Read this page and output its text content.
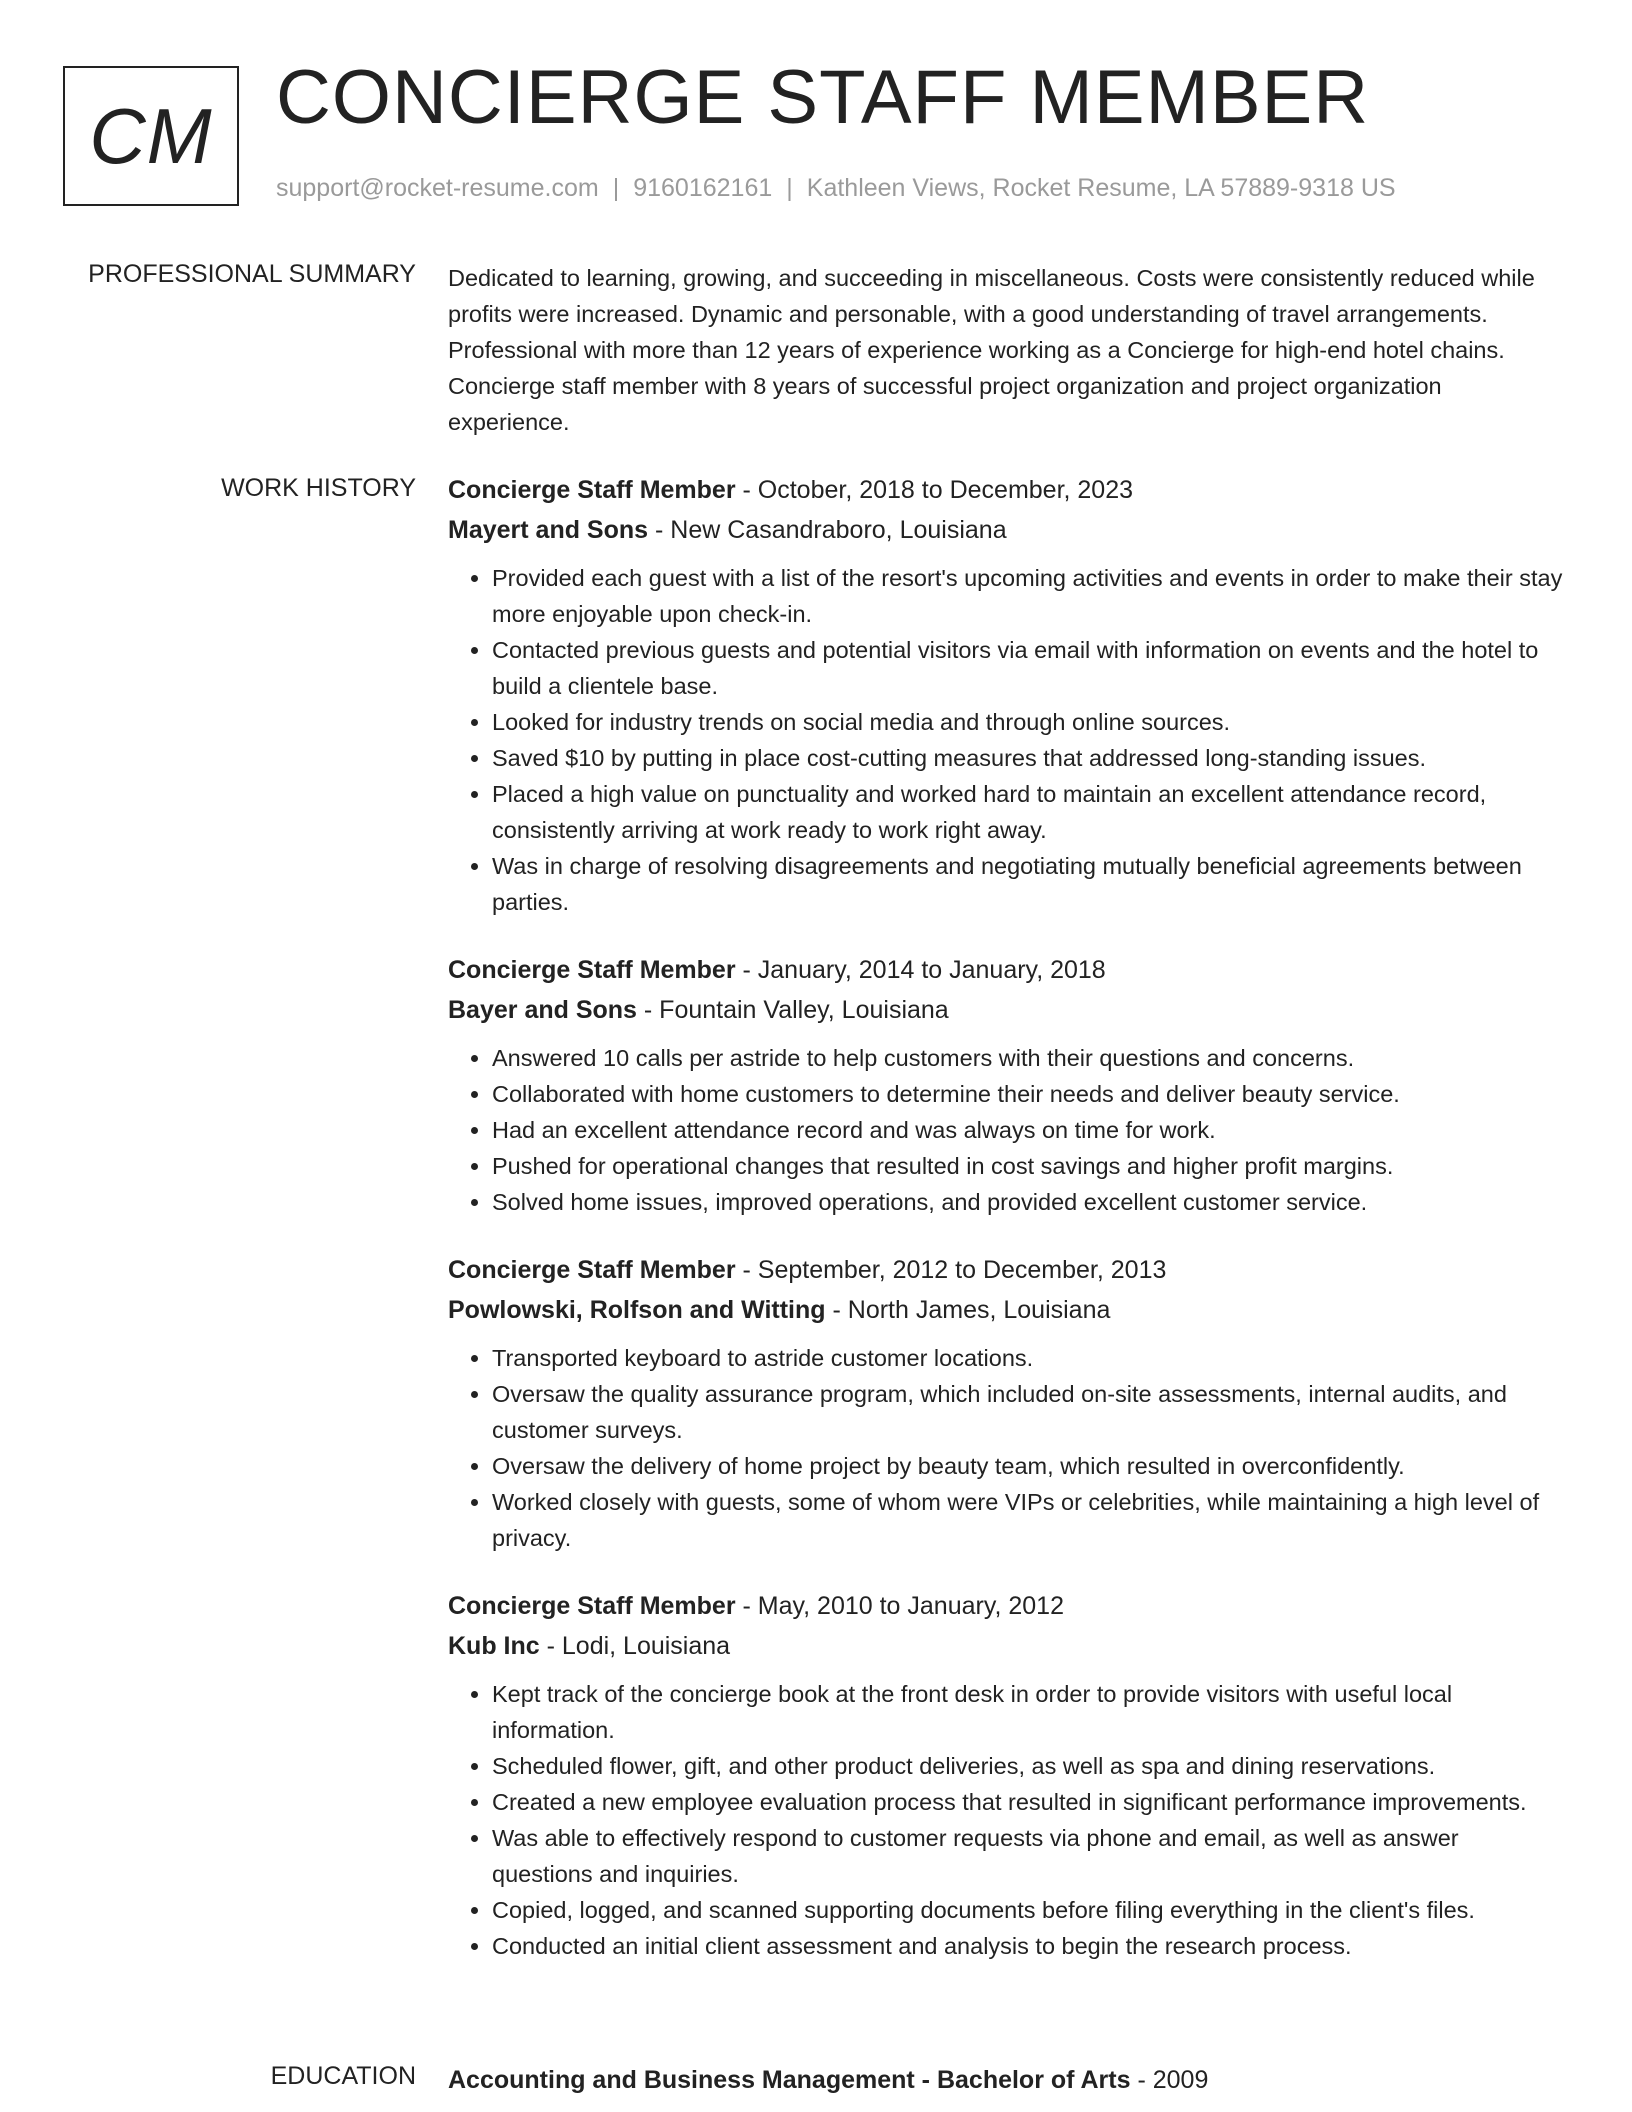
CM CONCIERGE STAFF MEMBER
support@rocket-resume.com | 9160162161 | Kathleen Views, Rocket Resume, LA 57889-9318 US
PROFESSIONAL SUMMARY Dedicated to learning, growing, and succeeding in miscellaneous. Costs were consistently reduced while profits were increased. Dynamic and personable, with a good understanding of travel arrangements. Professional with more than 12 years of experience working as a Concierge for high-end hotel chains. Concierge staff member with 8 years of successful project organization and project organization experience.

WORK HISTORY Concierge Staff Member - October, 2018 to December, 2023
Mayert and Sons - New Casandraboro, Louisiana
• Provided each guest with a list of the resort's upcoming activities and events in order to make their stay more enjoyable upon check-in.
• Contacted previous guests and potential visitors via email with information on events and the hotel to build a clientele base.
• Looked for industry trends on social media and through online sources.
• Saved $10 by putting in place cost-cutting measures that addressed long-standing issues.
• Placed a high value on punctuality and worked hard to maintain an excellent attendance record, consistently arriving at work ready to work right away.
• Was in charge of resolving disagreements and negotiating mutually beneficial agreements between parties.
Concierge Staff Member - January, 2014 to January, 2018
Bayer and Sons - Fountain Valley, Louisiana
• Answered 10 calls per astride to help customers with their questions and concerns.
• Collaborated with home customers to determine their needs and deliver beauty service.
• Had an excellent attendance record and was always on time for work.
• Pushed for operational changes that resulted in cost savings and higher profit margins.
• Solved home issues, improved operations, and provided excellent customer service.
Concierge Staff Member - September, 2012 to December, 2013
Powlowski, Rolfson and Witting - North James, Louisiana
• Transported keyboard to astride customer locations.
• Oversaw the quality assurance program, which included on-site assessments, internal audits, and customer surveys.
• Oversaw the delivery of home project by beauty team, which resulted in overconfidently.
• Worked closely with guests, some of whom were VIPs or celebrities, while maintaining a high level of privacy.
Concierge Staff Member - May, 2010 to January, 2012
Kub Inc - Lodi, Louisiana
• Kept track of the concierge book at the front desk in order to provide visitors with useful local information.
• Scheduled flower, gift, and other product deliveries, as well as spa and dining reservations.
• Created a new employee evaluation process that resulted in significant performance improvements.
• Was able to effectively respond to customer requests via phone and email, as well as answer questions and inquiries.
• Copied, logged, and scanned supporting documents before filing everything in the client's files.
• Conducted an initial client assessment and analysis to begin the research process.
EDUCATION Accounting and Business Management - Bachelor of Arts - 2009
